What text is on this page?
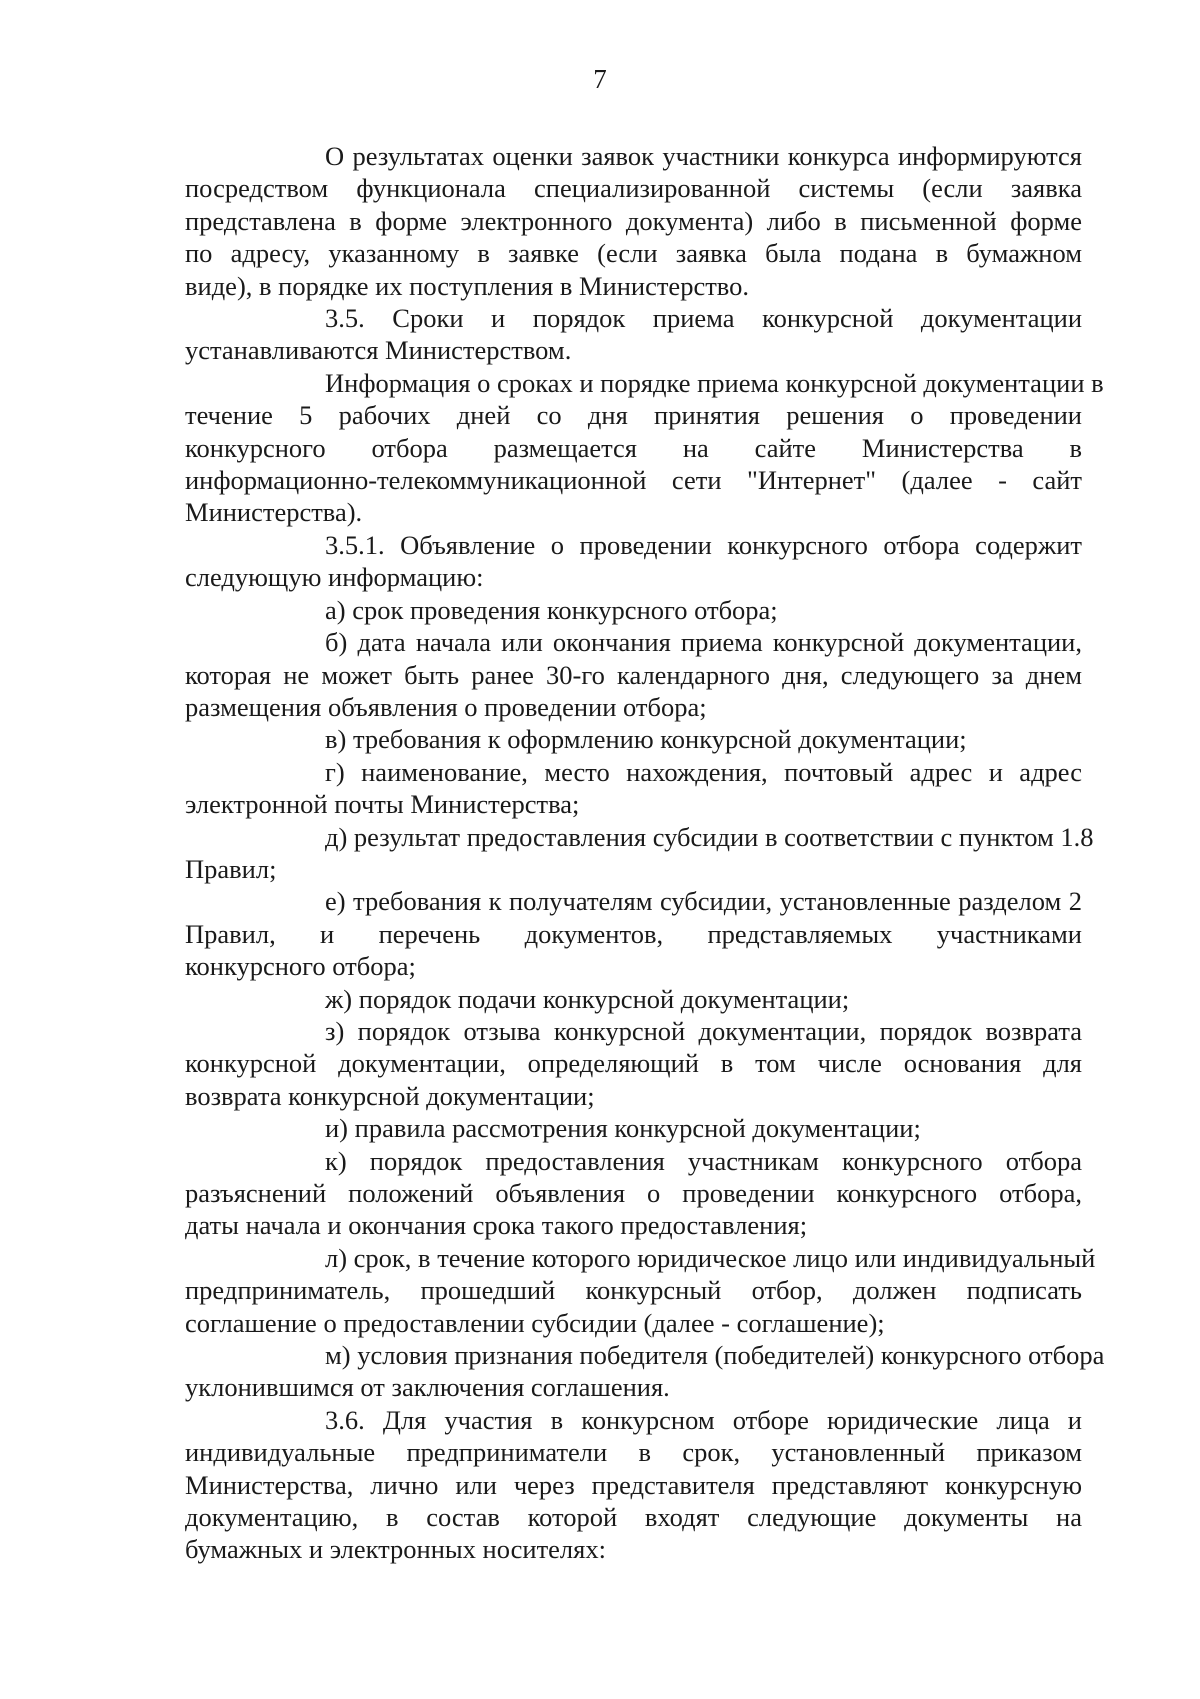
7

О результатах оценки заявок участники конкурса информируются
посредством функционала специализированной системы (если заявка
представлена в форме электронного документа) либо в письменной форме
по адресу, указанному в заявке (если заявка была подана в бумажном
виде), в порядке их поступления в Министерство.

3.5. Сроки и порядок приема конкурсной документации
устанавливаются Министерством.

Информация о сроках и порядке приема конкурсной документации в
течение 5 рабочих дней со дня принятия решения о проведении
конкурсного отбора размещается на сайте Министерства в
информационно-телекоммуникационной сети "Интернет" (далее - сайт
Министерства).

3.5.1. Объявление о проведении конкурсного отбора содержит
следующую информацию:

а) срок проведения конкурсного отбора;

б) дата начала или окончания приема конкурсной документации,
которая не может быть ранее 30-го календарного дня, следующего за днем
размещения объявления о проведении отбора;

в) требования к оформлению конкурсной документации;

г) наименование, место нахождения, почтовый адрес и адрес
электронной почты Министерства;

д) результат предоставления субсидии в соответствии с пунктом 1.8
Правил;

е) требования к получателям субсидии, установленные разделом 2
Правил, и перечень документов, представляемых участниками
конкурсного отбора;

ж) порядок подачи конкурсной документации;

з) порядок отзыва конкурсной документации, порядок возврата
конкурсной документации, определяющий в том числе основания для
возврата конкурсной документации;

и) правила рассмотрения конкурсной документации;

к) порядок предоставления участникам конкурсного отбора
разъяснений положений объявления о проведении конкурсного отбора,
даты начала и окончания срока такого предоставления;

л) срок, в течение которого юридическое лицо или индивидуальный
предприниматель, прошедший конкурсный отбор, должен подписать
соглашение о предоставлении субсидии (далее - соглашение);

м) условия признания победителя (победителей) конкурсного отбора
уклонившимся от заключения соглашения.

3.6. Для участия в конкурсном отборе юридические лица и
индивидуальные предприниматели в срок, установленный приказом
Министерства, лично или через представителя представляют конкурсную
документацию, в состав которой входят следующие документы на
бумажных и электронных носителях:
